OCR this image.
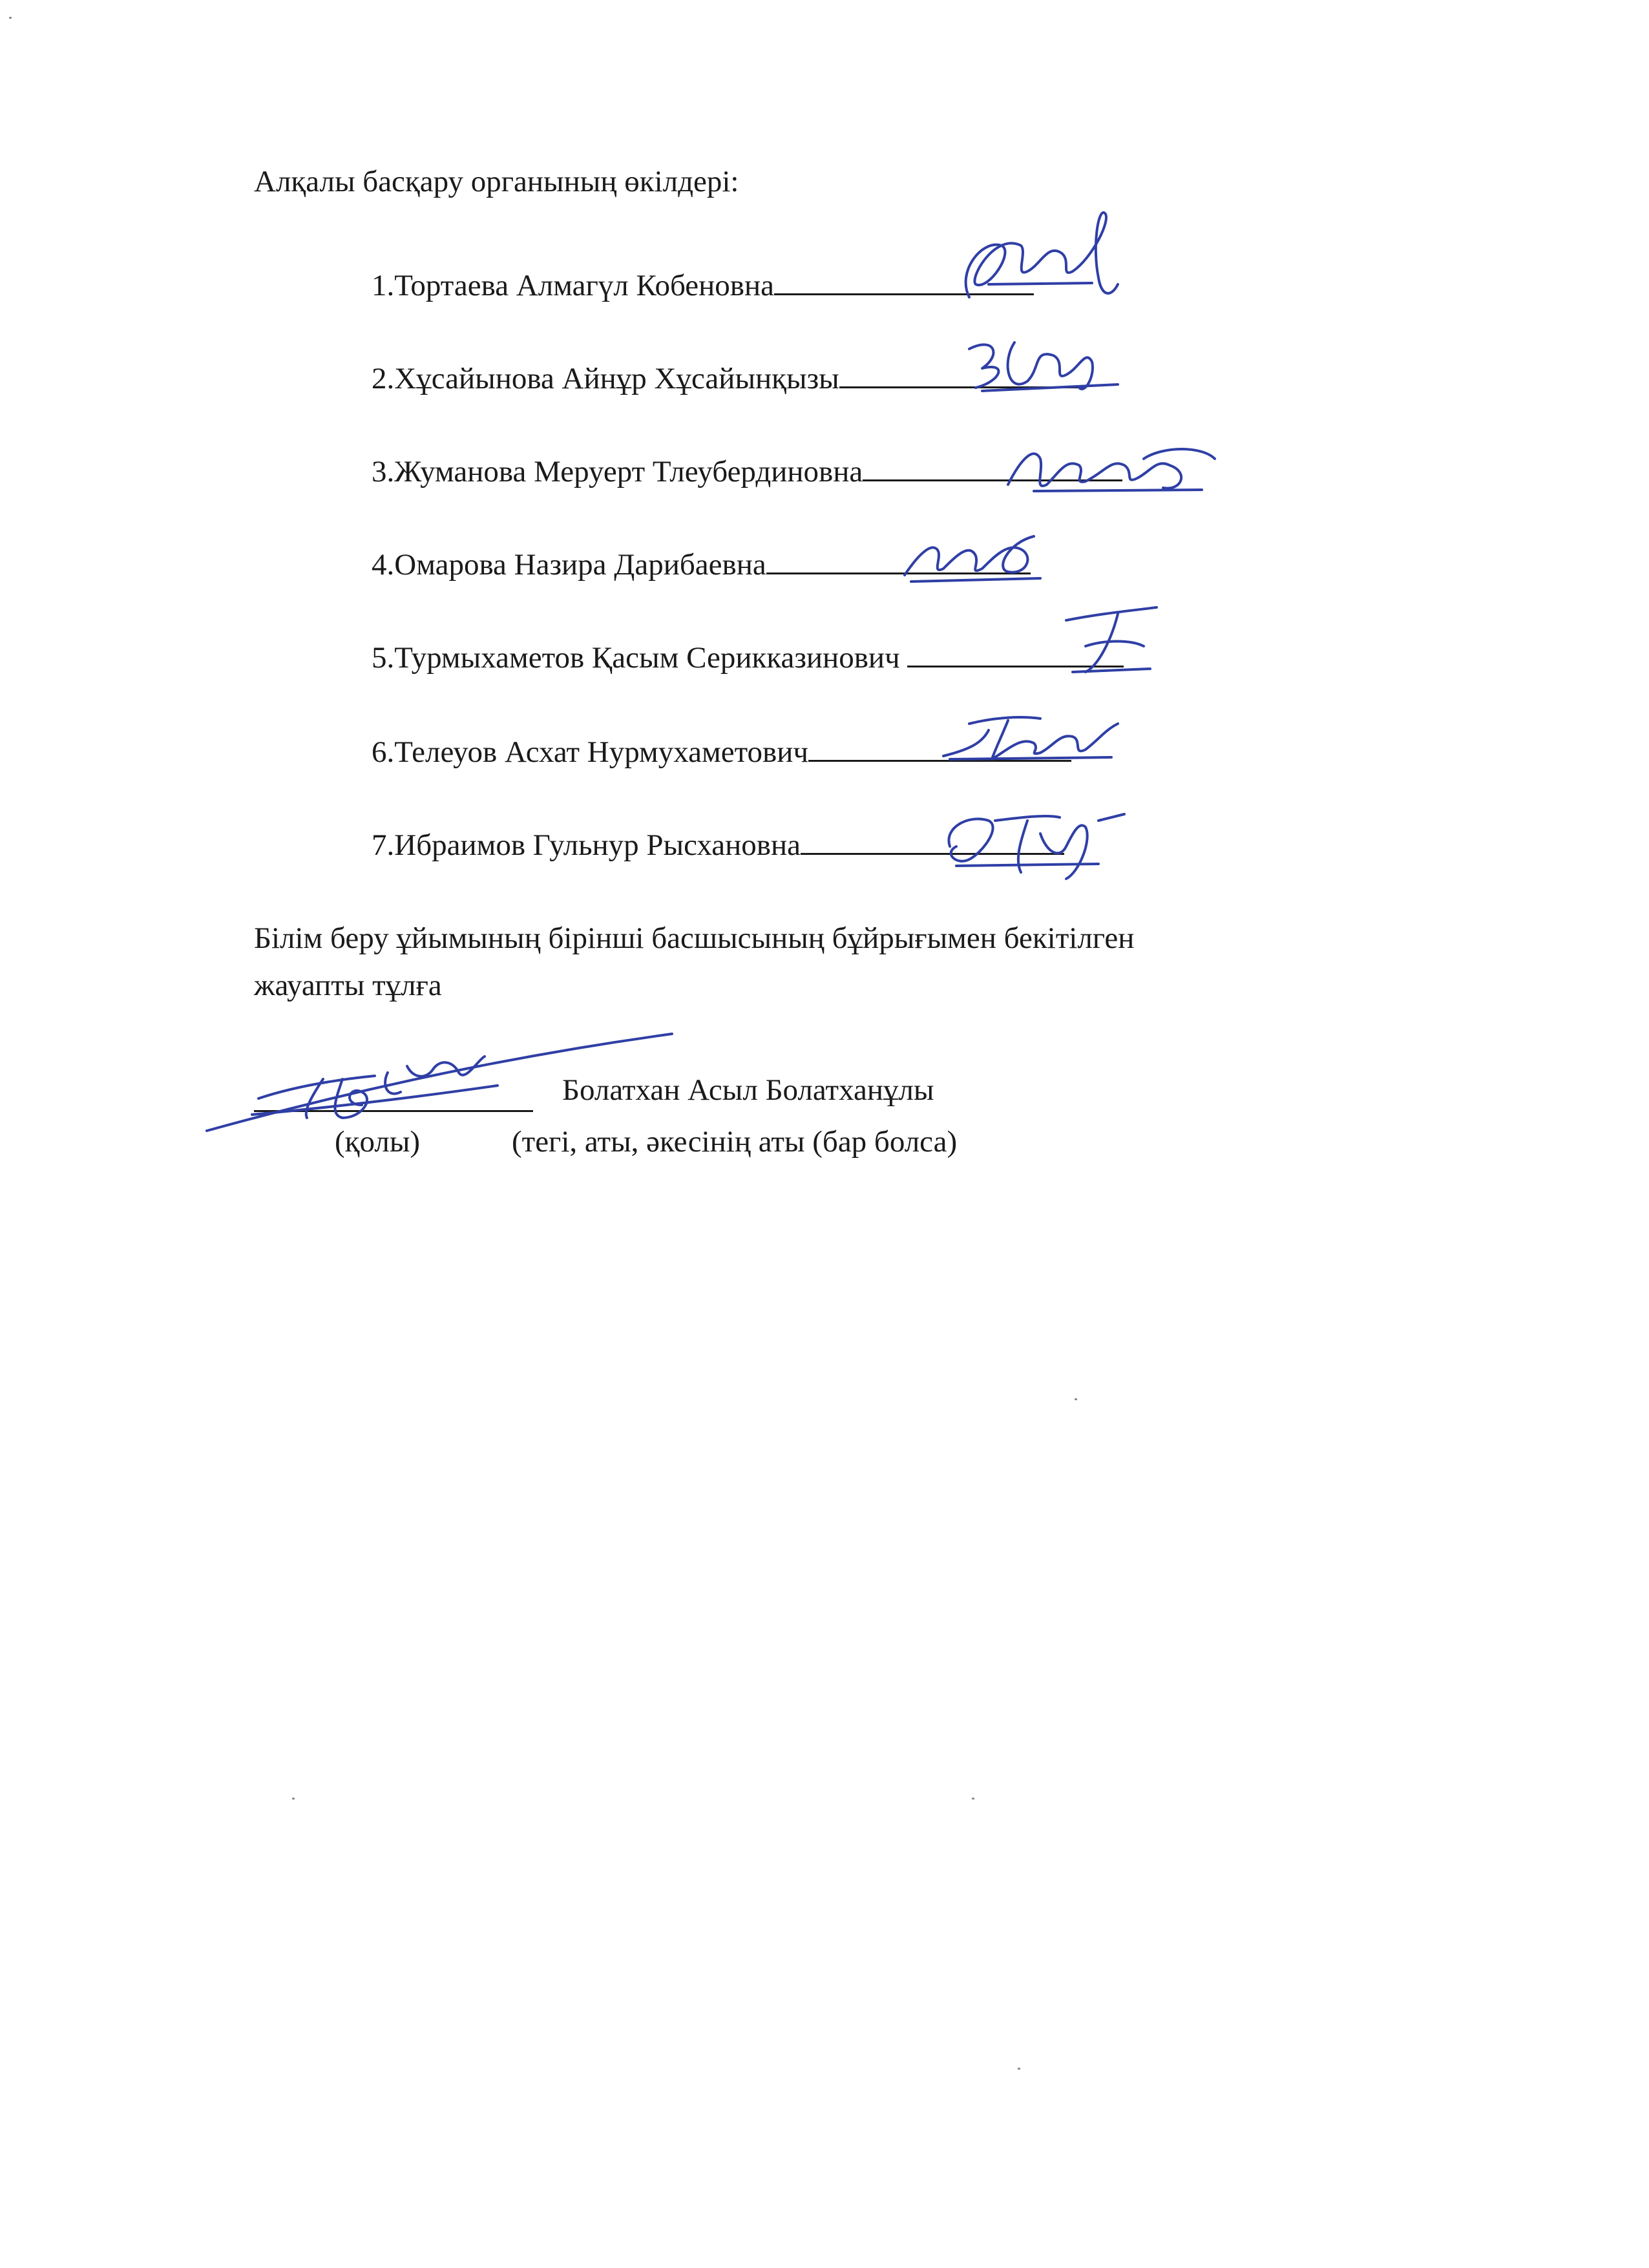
Алқалы басқару органының өкілдері:

1.Тортаева Алмагүл Кобеновна
2.Хұсайынова Айнұр Хұсайынқызы
3.Жуманова Меруерт Тлеубердиновна
4.Омарова Назира Дарибаевна
5.Турмыхаметов Қасым Серикказинович
6.Телеуов Асхат Нурмухаметович
7.Ибраимов Гульнур Рысхановна

Білім беру ұйымының бірінші басшысының бұйрығымен бекітілген

жауапты тұлға

Болатхан Асыл Болатханұлы

(қолы)	(тегі, аты, әкесінің аты (бар болса)
